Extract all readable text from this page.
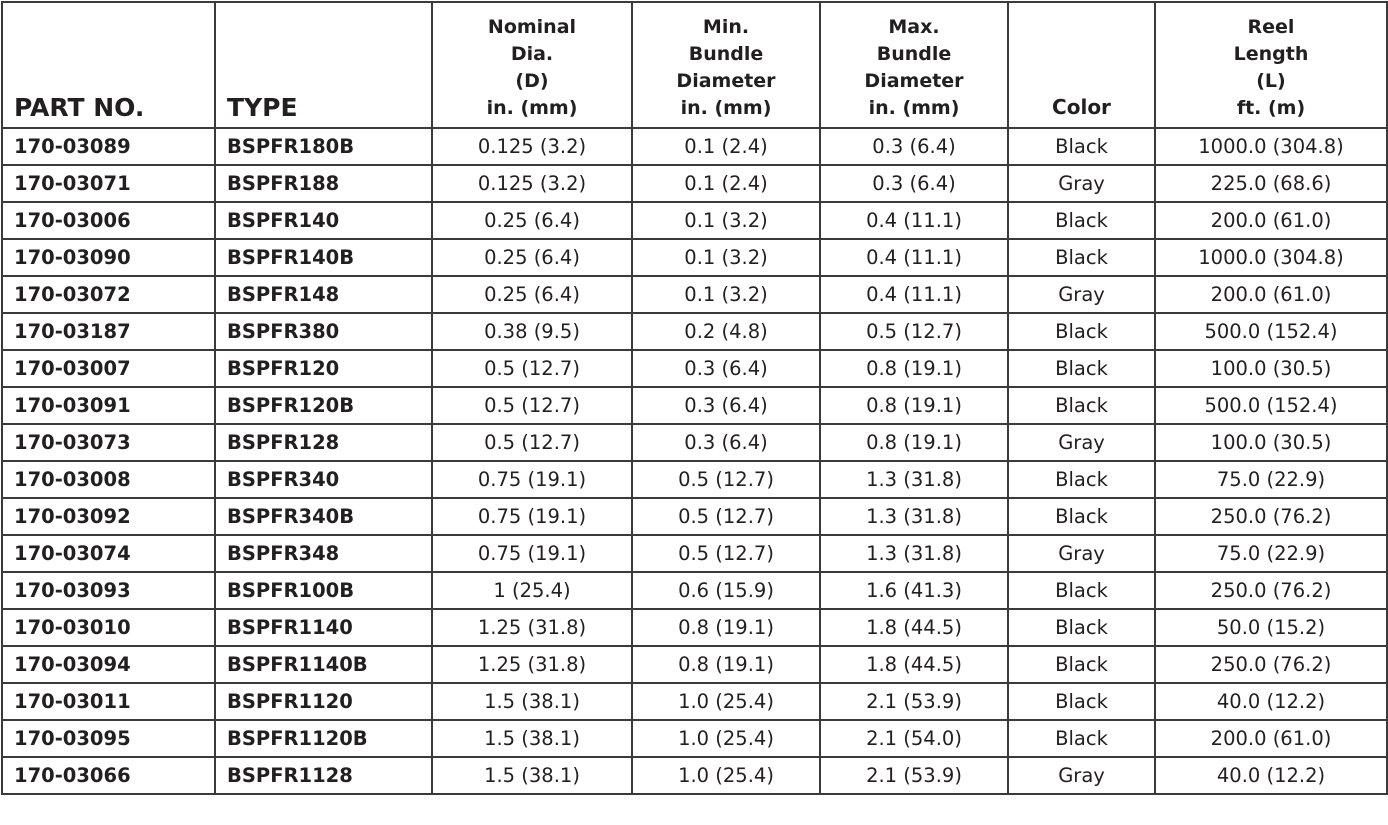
PART NO.	TYPE	Nominal
Dia.
(D)
in. (mm)	Min.
Bundle
Diameter
in. (mm)	Max.
Bundle
Diameter
in. (mm)	Color	Reel
Length
(L)
ft. (m)

170-03089	BSPFR180B	0.125 (3.2)	0.1 (2.4)	0.3 (6.4)	Black	1000.0 (304.8)
170-03071	BSPFR188	0.125 (3.2)	0.1 (2.4)	0.3 (6.4)	Gray	225.0 (68.6)
170-03006	BSPFR140	0.25 (6.4)	0.1 (3.2)	0.4 (11.1)	Black	200.0 (61.0)
170-03090	BSPFR140B	0.25 (6.4)	0.1 (3.2)	0.4 (11.1)	Black	1000.0 (304.8)
170-03072	BSPFR148	0.25 (6.4)	0.1 (3.2)	0.4 (11.1)	Gray	200.0 (61.0)
170-03187	BSPFR380	0.38 (9.5)	0.2 (4.8)	0.5 (12.7)	Black	500.0 (152.4)
170-03007	BSPFR120	0.5 (12.7)	0.3 (6.4)	0.8 (19.1)	Black	100.0 (30.5)
170-03091	BSPFR120B	0.5 (12.7)	0.3 (6.4)	0.8 (19.1)	Black	500.0 (152.4)
170-03073	BSPFR128	0.5 (12.7)	0.3 (6.4)	0.8 (19.1)	Gray	100.0 (30.5)
170-03008	BSPFR340	0.75 (19.1)	0.5 (12.7)	1.3 (31.8)	Black	75.0 (22.9)
170-03092	BSPFR340B	0.75 (19.1)	0.5 (12.7)	1.3 (31.8)	Black	250.0 (76.2)
170-03074	BSPFR348	0.75 (19.1)	0.5 (12.7)	1.3 (31.8)	Gray	75.0 (22.9)
170-03093	BSPFR100B	1 (25.4)	0.6 (15.9)	1.6 (41.3)	Black	250.0 (76.2)
170-03010	BSPFR1140	1.25 (31.8)	0.8 (19.1)	1.8 (44.5)	Black	50.0 (15.2)
170-03094	BSPFR1140B	1.25 (31.8)	0.8 (19.1)	1.8 (44.5)	Black	250.0 (76.2)
170-03011	BSPFR1120	1.5 (38.1)	1.0 (25.4)	2.1 (53.9)	Black	40.0 (12.2)
170-03095	BSPFR1120B	1.5 (38.1)	1.0 (25.4)	2.1 (54.0)	Black	200.0 (61.0)
170-03066	BSPFR1128	1.5 (38.1)	1.0 (25.4)	2.1 (53.9)	Gray	40.0 (12.2)
